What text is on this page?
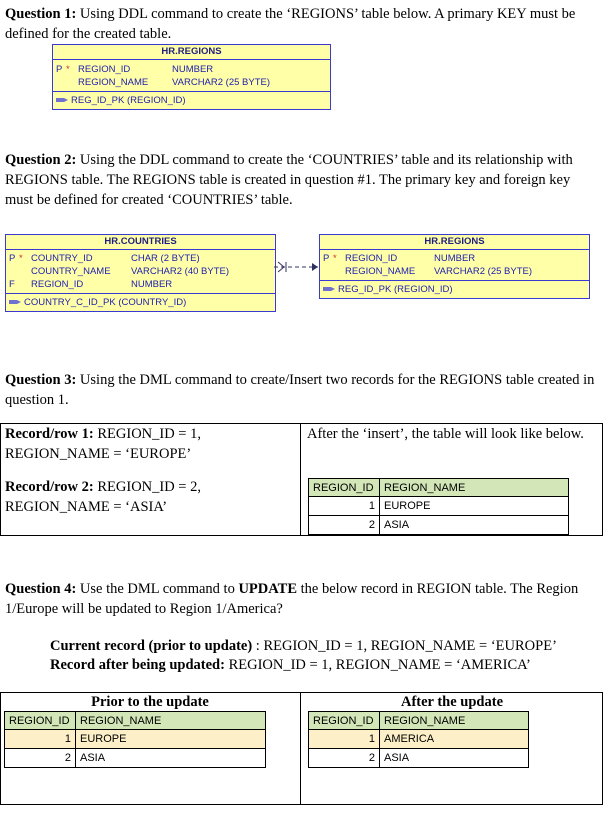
Question 1: Using DDL command to create the ‘REGIONS’ table below. A primary KEY must be defined for the created table.
HR.REGIONS
P * REGION_ID	NUMBER
REGION_NAME	VARCHAR2 (25 BYTE)
REG_ID_PK (REGION_ID)
Question 2: Using the DDL command to create the ‘COUNTRIES’ table and its relationship with REGIONS table. The REGIONS table is created in question #1. The primary key and foreign key must be defined for created ‘COUNTRIES’ table.
HR.COUNTRIES
P * COUNTRY_ID	CHAR (2 BYTE)
COUNTRY_NAME VARCHAR2 (40 BYTE)
F REGION_ID	NUMBER
COUNTRY_C_ID_PK (COUNTRY_ID)
HR.REGIONS
P * REGION_ID	NUMBER
REGION_NAME VARCHAR2 (25 BYTE)
REG_ID_PK (REGION_ID)
Question 3: Using the DML command to create/Insert two records for the REGIONS table created in question 1.
Record/row 1: REGION_ID = 1, REGION_NAME = ‘EUROPE’
Record/row 2: REGION_ID = 2, REGION_NAME = ‘ASIA’
After the ‘insert’, the table will look like below.
REGION_ID REGION_NAME
1 EUROPE
2 ASIA
Question 4: Use the DML command to UPDATE the below record in REGION table. The Region 1/Europe will be updated to Region 1/America?
Current record (prior to update) : REGION_ID = 1, REGION_NAME = ‘EUROPE’
Record after being updated: REGION_ID = 1, REGION_NAME = ‘AMERICA’
Prior to the update	After the update
REGION_ID REGION_NAME
1 EUROPE
2 ASIA
REGION_ID REGION_NAME
1 AMERICA
2 ASIA
